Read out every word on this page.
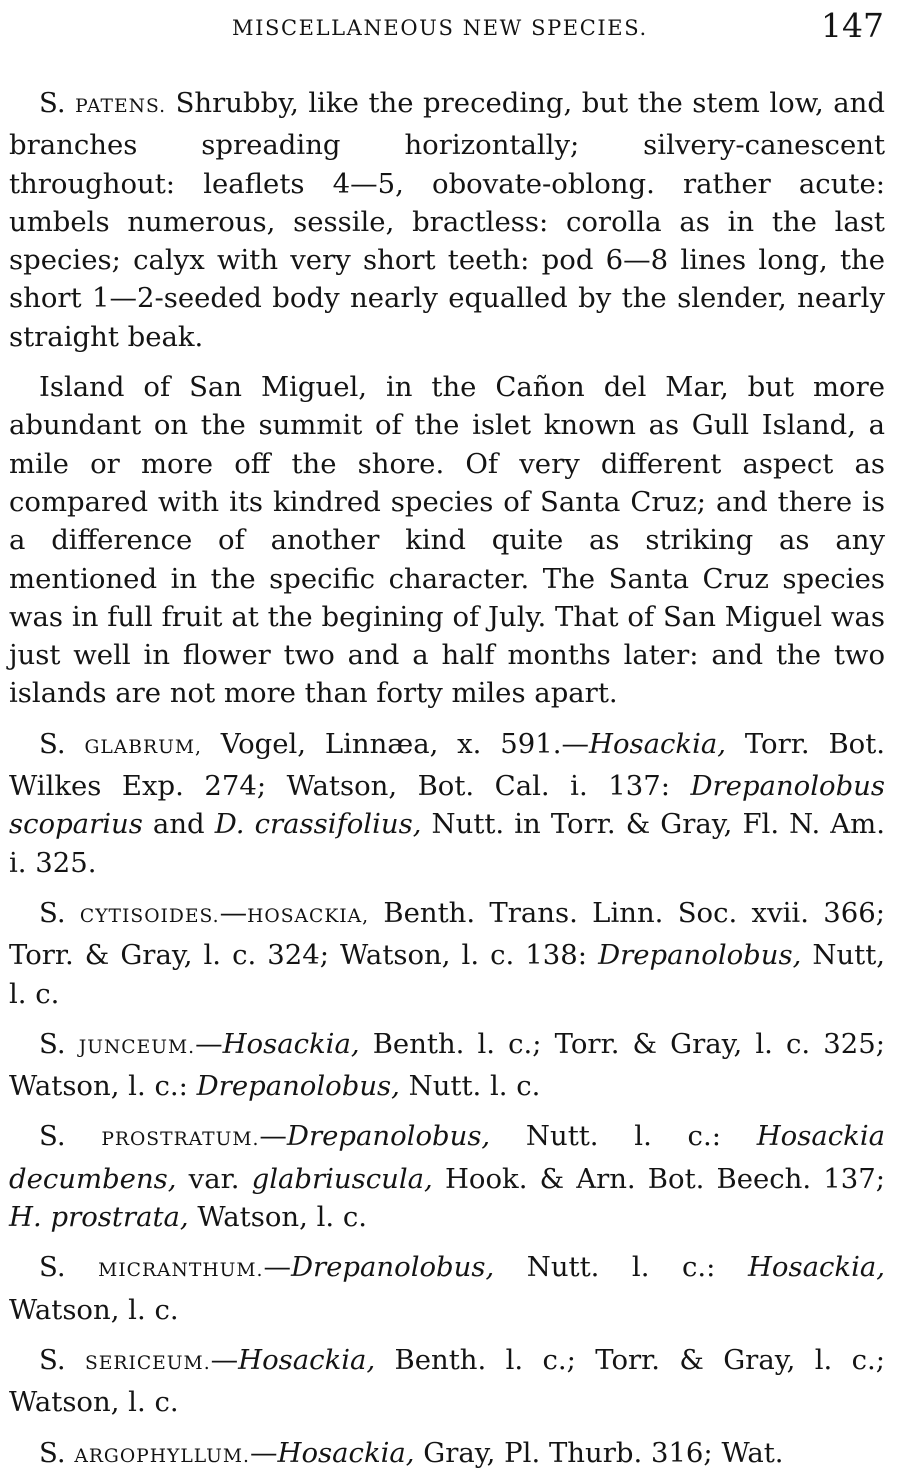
MISCELLANEOUS NEW SPECIES.	147

S. PATENS. Shrubby, like the preceding, but the stem low, and branches spreading horizontally; silvery-canescent throughout: leaflets 4—5, obovate-oblong. rather acute: umbels numerous, sessile, bractless: corolla as in the last species; calyx with very short teeth: pod 6—8 lines long, the short 1—2-seeded body nearly equalled by the slender, nearly straight beak.

Island of San Miguel, in the Cañon del Mar, but more abundant on the summit of the islet known as Gull Island, a mile or more off the shore. Of very different aspect as compared with its kindred species of Santa Cruz; and there is a difference of another kind quite as striking as any mentioned in the specific character. The Santa Cruz species was in full fruit at the begining of July. That of San Miguel was just well in flower two and a half months later: and the two islands are not more than forty miles apart.

S. GLABRUM, Vogel, Linnæa, x. 591.—Hosackia, Torr. Bot. Wilkes Exp. 274; Watson, Bot. Cal. i. 137: Drepanolobus scoparius and D. crassifolius, Nutt. in Torr. & Gray, Fl. N. Am. i. 325.

S. CYTISOIDES.—HOSACKIA, Benth. Trans. Linn. Soc. xvii. 366; Torr. & Gray, l. c. 324; Watson, l. c. 138: Drepanolobus, Nutt, l. c.

S. JUNCEUM.—Hosackia, Benth. l. c.; Torr. & Gray, l. c. 325; Watson, l. c.: Drepanolobus, Nutt. l. c.

S. PROSTRATUM.—Drepanolobus, Nutt. l. c.: Hosackia decumbens, var. glabriuscula, Hook. & Arn. Bot. Beech. 137; H. prostrata, Watson, l. c.

S. MICRANTHUM.—Drepanolobus, Nutt. l. c.: Hosackia, Watson, l. c.

S. SERICEUM.—Hosackia, Benth. l. c.; Torr. & Gray, l. c.; Watson, l. c.

S. ARGOPHYLLUM.—Hosackia, Gray, Pl. Thurb. 316; Wat.
